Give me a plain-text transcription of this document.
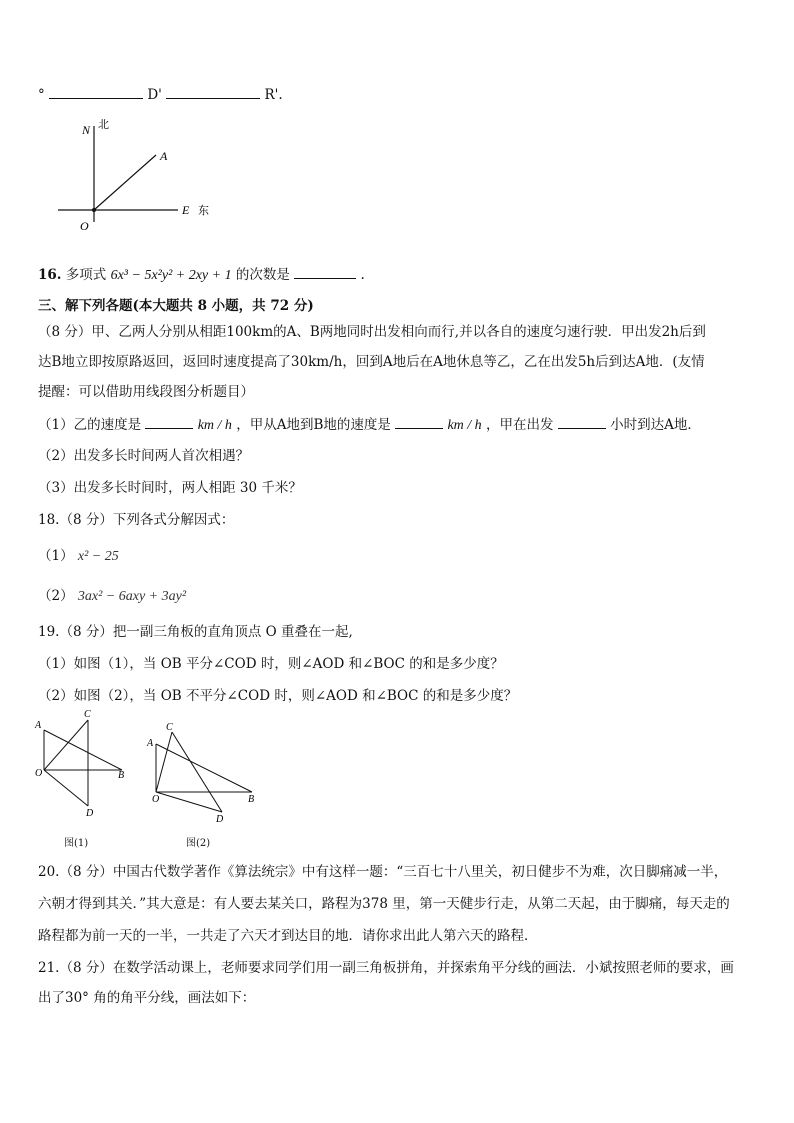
°	D'	R'.
N 北
A
E 东
O
16. 多项式 6x³ − 5x²y² + 2xy + 1 的次数是	.
三、解下列各题(本大题共 8 小题，共 72 分)
（8 分）甲、乙两人分别从相距100km的A、B两地同时出发相向而行,并以各自的速度匀速行驶．甲出发2h后到
达B地立即按原路返回，返回时速度提高了30km/h，回到A地后在A地休息等乙，乙在出发5h后到达A地．(友情
提醒：可以借助用线段图分析题目）
（1）乙的速度是	km / h ，甲从A地到B地的速度是	km / h ，甲在出发	小时到达A地．
（2）出发多长时间两人首次相遇？
（3）出发多长时间时，两人相距 30 千米？
18.（8 分）下列各式分解因式：
（1） x² − 25
（2） 3ax² − 6axy + 3ay²
19.（8 分）把一副三角板的直角顶点 O 重叠在一起,
（1）如图（1），当 OB 平分∠COD 时，则∠AOD 和∠BOC 的和是多少度？
（2）如图（2），当 OB 不平分∠COD 时，则∠AOD 和∠BOC 的和是多少度？
A
C
O	B
D
图(1)
A
C
O	B
D
图(2)
20.（8 分）中国古代数学著作《算法统宗》中有这样一题：“三百七十八里关，初日健步不为难，次日脚痛减一半，
六朝才得到其关．”其大意是：有人要去某关口，路程为378 里，第一天健步行走，从第二天起，由于脚痛，每天走的
路程都为前一天的一半，一共走了六天才到达目的地．请你求出此人第六天的路程．
21.（8 分）在数学活动课上，老师要求同学们用一副三角板拼角，并探索角平分线的画法．小斌按照老师的要求，画
出了30° 角的角平分线，画法如下：
